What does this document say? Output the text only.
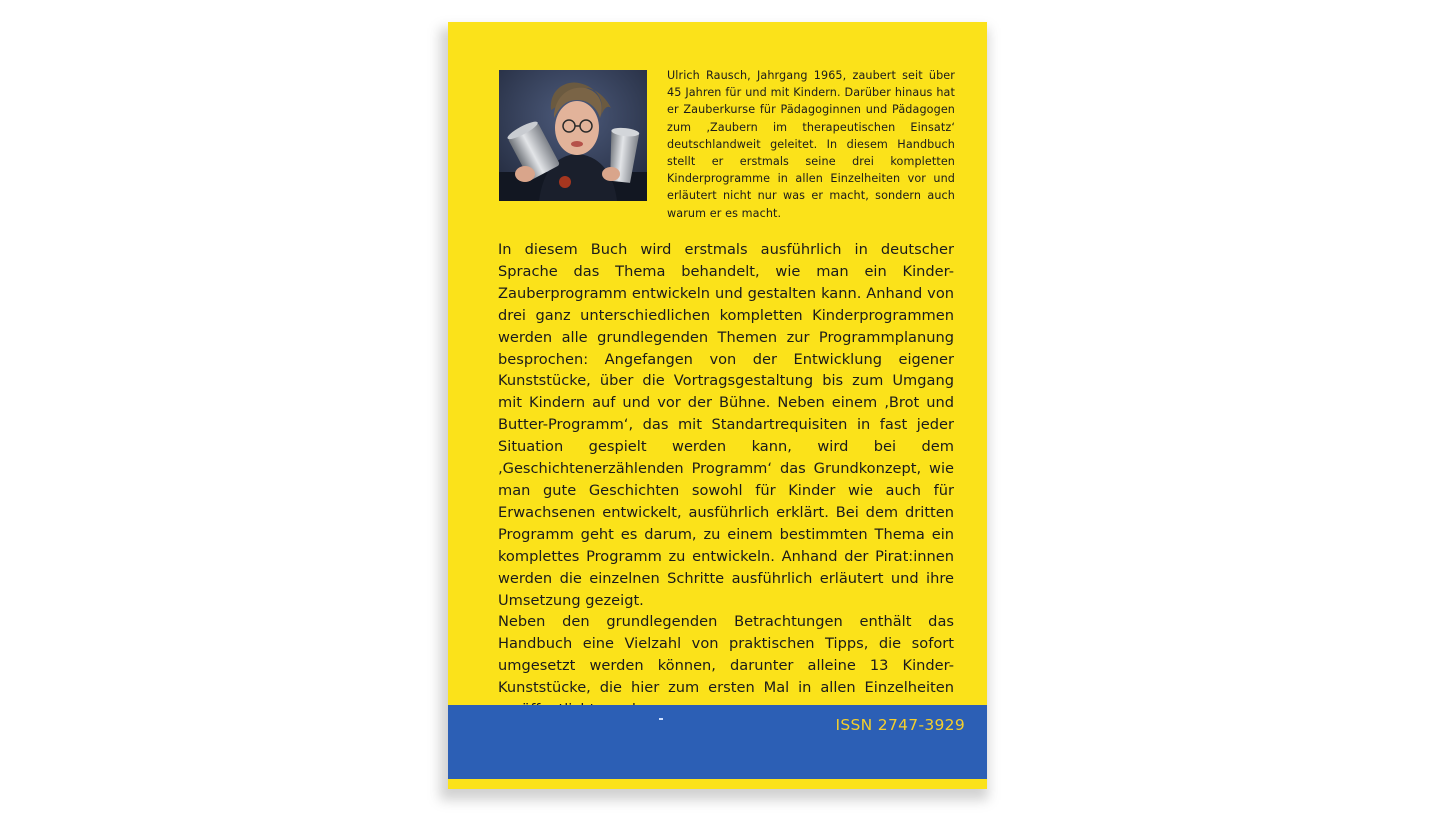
Ulrich Rausch, Jahrgang 1965, zaubert seit über 45 Jahren für und mit Kindern. Darüber hinaus hat er Zauberkurse für Pädagoginnen und Pädagogen zum ‚Zaubern im therapeutischen Einsatz‘ deutschlandweit geleitet. In diesem Handbuch stellt er erstmals seine drei kompletten Kinderprogramme in allen Einzelheiten vor und erläutert nicht nur was er macht, sondern auch warum er es macht.

In diesem Buch wird erstmals ausführlich in deutscher Sprache das Thema behandelt, wie man ein Kinder-Zauberprogramm entwickeln und gestalten kann. Anhand von drei ganz unterschiedlichen kompletten Kinderprogrammen werden alle grundlegenden Themen zur Programmplanung besprochen: Angefangen von der Entwicklung eigener Kunststücke, über die Vortragsgestaltung bis zum Umgang mit Kindern auf und vor der Bühne. Neben einem ‚Brot und Butter-Programm‘, das mit Standartrequisiten in fast jeder Situation gespielt werden kann, wird bei dem ‚Geschichtenerzählenden Programm‘ das Grundkonzept, wie man gute Geschichten sowohl für Kinder wie auch für Erwachsenen entwickelt, ausführlich erklärt. Bei dem dritten Programm geht es darum, zu einem bestimmten Thema ein komplettes Programm zu entwickeln. Anhand der Pirat:innen werden die einzelnen Schritte ausführlich erläutert und ihre Umsetzung gezeigt.

Neben den grundlegenden Betrachtungen enthält das Handbuch eine Vielzahl von praktischen Tipps, die sofort umgesetzt werden können, darunter alleine 13 Kinder-Kunststücke, die hier zum ersten Mal in allen Einzelheiten

ISSN 2747-3929
